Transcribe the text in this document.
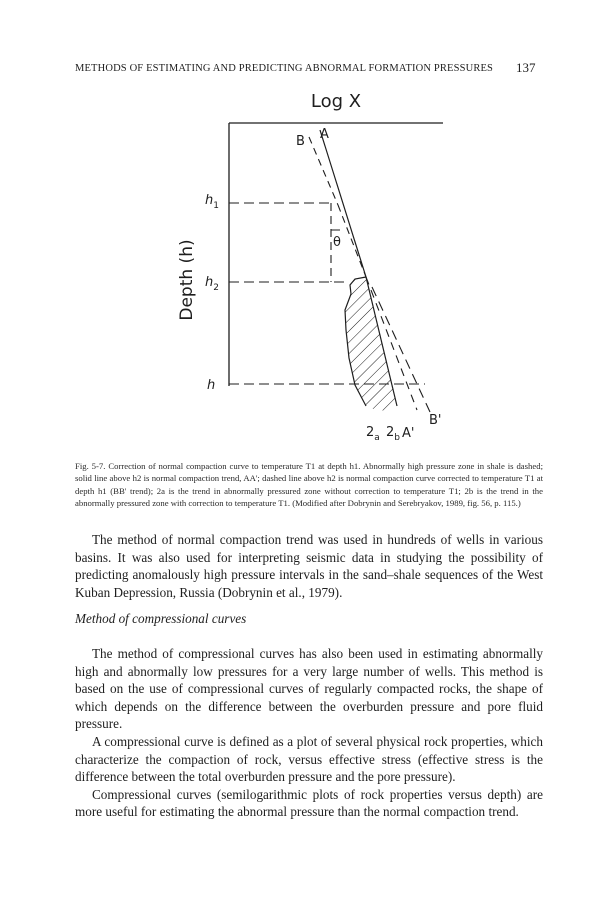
METHODS OF ESTIMATING AND PREDICTING ABNORMAL FORMATION PRESSURES 137
Log X
Depth (h)	θ
A
B
A'
B'
$h_1$
$h_2$
h
$2_a$ $2_b$
Fig. 5-7. Correction of normal compaction curve to temperature T1 at depth h1. Abnormally high pressure zone in shale is dashed; solid line above h2 is normal compaction trend, AA'; dashed line above h2 is normal compaction curve corrected to temperature T1 at depth h1 (BB' trend); 2a is the trend in abnormally pressured zone without correction to temperature T1; 2b is the trend in the abnormally pressured zone with correction to temperature T1. (Modified after Dobrynin and Serebryakov, 1989, fig. 56, p. 115.)

The method of normal compaction trend was used in hundreds of wells in various basins. It was also used for interpreting seismic data in studying the possibility of predicting anomalously high pressure intervals in the sand–shale sequences of the West Kuban Depression, Russia (Dobrynin et al., 1979).

Method of compressional curves

The method of compressional curves has also been used in estimating abnormally high and abnormally low pressures for a very large number of wells. This method is based on the use of compressional curves of regularly compacted rocks, the shape of which depends on the difference between the overburden pressure and pore fluid pressure.

A compressional curve is defined as a plot of several physical rock properties, which characterize the compaction of rock, versus effective stress (effective stress is the difference between the total overburden pressure and the pore pressure).

Compressional curves (semilogarithmic plots of rock properties versus depth) are more useful for estimating the abnormal pressure than the normal compaction trend.
